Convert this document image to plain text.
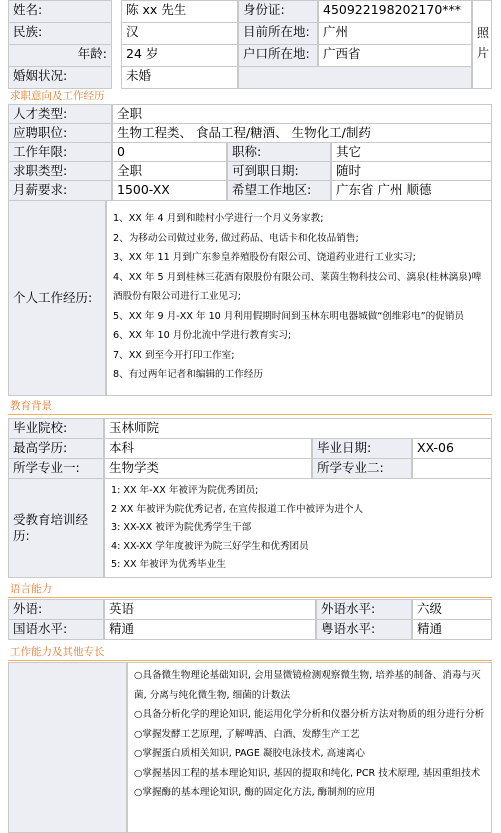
姓名:	陈 xx 先生	身份证:	450922198202170***
民族:	汉	目前所在地:	广州
年龄:	24 岁	户口所在地:	广西省
婚姻状况:	未婚
照片
求职意向及工作经历
人才类型:	全职
应聘职位:	生物工程类、 食品工程/糖酒、 生物化工/制药
工作年限:	0	职称:	其它
求职类型:	全职	可到职日期:	随时
月薪要求:	1500-XX	希望工作地区:	广东省 广州 顺德
个人工作经历:
1、XX 年 4 月到和睦村小学进行一个月义务家教;
2、为移动公司做过业务, 做过药品、电话卡和化妆品销售;
3、XX 年 11 月到广东参皇养殖股份有限公司、饶道药业进行工业实习;
4、XX 年 5 月到桂林三花酒有限股份有限公司、莱茵生物科技公司、漓泉(桂林漓泉)啤酒股份有限公司进行工业见习;
5、XX 年 9 月-XX 年 10 月利用假期时间到玉林东明电器城做“创维彩电”的促销员
6、XX 年 10 月份北流中学进行教育实习;
7、XX 到至今开打印工作室;
8、有过两年记者和编辑的工作经历
教育背景
毕业院校:	玉林师院
最高学历:	本科	毕业日期:	XX-06
所学专业一:	生物学类	所学专业二:
受教育培训经历:
1: XX 年-XX 年被评为院优秀团员;
2 XX 年被评为院优秀记者, 在宣传报道工作中被评为进个人
3: XX-XX 被评为院优秀学生干部
4: XX-XX 学年度被评为院三好学生和优秀团员
5: XX 年被评为优秀毕业生
语言能力
外语:	英语	外语水平:	六级
国语水平:	精通	粤语水平:	精通
工作能力及其他专长
○具备微生物理论基础知识, 会用显微镜检测观察微生物, 培养基的制备、消毒与灭菌, 分离与纯化微生物, 细菌的计数法
○具备分析化学的理论知识, 能运用化学分析和仪器分析方法对物质的组分进行分析
○掌握发酵工艺原理, 了解啤酒、白酒、发酵生产工艺
○掌握蛋白质相关知识, PAGE 凝胶电泳技术, 高速离心
○掌握基因工程的基本理论知识, 基因的提取和纯化, PCR 技术原理, 基因重组技术
○掌握酶的基本理论知识, 酶的固定化方法, 酶制剂的应用
